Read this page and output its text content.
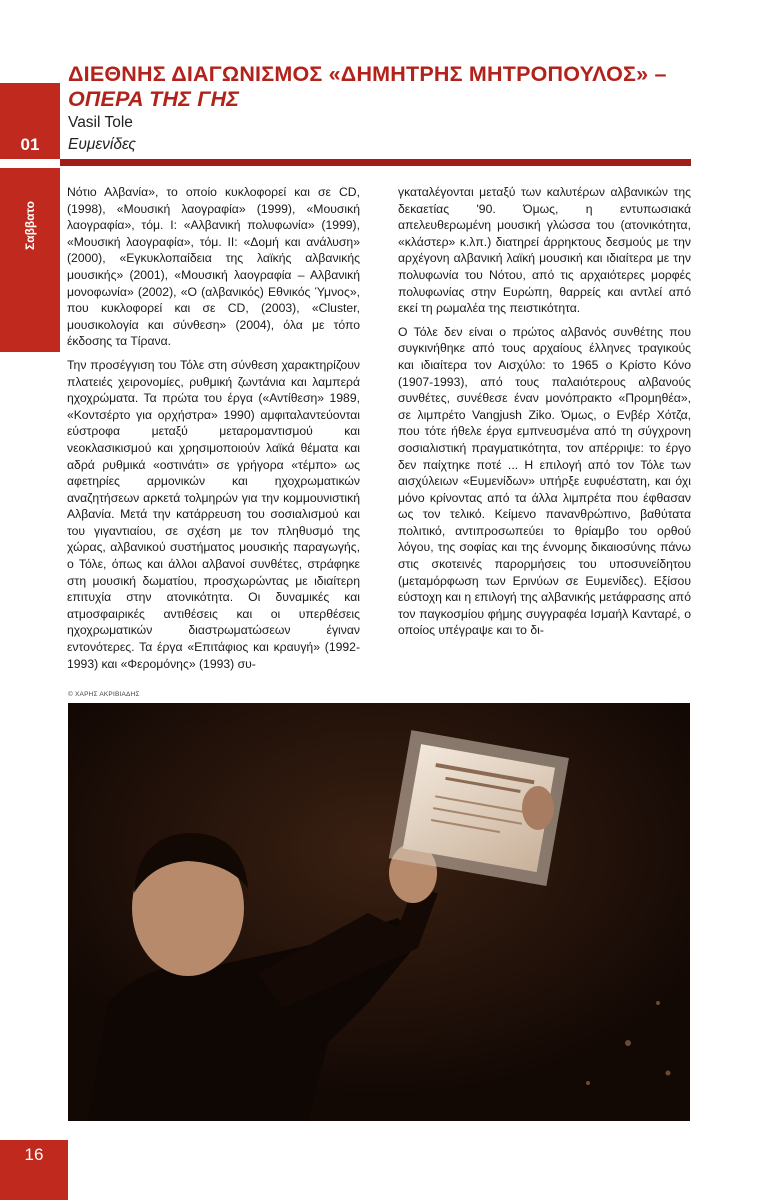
01
Σαββατο
ΔΙΕΘΝΗΣ ΔΙΑΓΩΝΙΣΜΟΣ «ΔΗΜΗΤΡΗΣ ΜΗΤΡΟΠΟΥΛΟΣ» –
ΟΠΕΡΑ ΤΗΣ ΓΗΣ
Vasil Tole
Ευμενίδες

Νότιο Αλβανία», το οποίο κυκλοφορεί και σε CD, (1998), «Μουσική λαογραφία» (1999), «Μουσική λαογραφία», τόμ. Ι: «Αλβανική πολυφωνία» (1999), «Μουσική λαογραφία», τόμ. ΙΙ: «Δομή και ανάλυση» (2000), «Εγκυκλοπαίδεια της λαϊκής αλβανικής μουσικής» (2001), «Μουσική λαογραφία – Αλβανική μονοφωνία» (2002), «Ο (αλβανικός) Εθνικός Ύμνος», που κυκλοφορεί και σε CD, (2003), «Cluster, μουσικολογία και σύνθεση» (2004), όλα με τόπο έκδοσης τα Τίρανα.

Την προσέγγιση του Τόλε στη σύνθεση χαρακτηρίζουν πλατειές χειρονομίες, ρυθμική ζωντάνια και λαμπερά ηχοχρώματα. Τα πρώτα του έργα («Αντίθεση» 1989, «Κοντσέρτο για ορχήστρα» 1990) αμφιταλαντεύονται εύστροφα μεταξύ μεταρομαντισμού και νεοκλασικισμού και χρησιμοποιούν λαϊκά θέματα και αδρά ρυθμικά «οστινάτι» σε γρήγορα «τέμπο» ως αφετηρίες αρμονικών και ηχοχρωματικών αναζητήσεων αρκετά τολμηρών για την κομμουνιστική Αλβανία. Μετά την κατάρρευση του σοσιαλισμού και του γιγαντιαίου, σε σχέση με τον πληθυσμό της χώρας, αλβανικού συστήματος μουσικής παραγωγής, ο Τόλε, όπως και άλλοι αλβανοί συνθέτες, στράφηκε στη μουσική δωματίου, προσχωρώντας με ιδιαίτερη επιτυχία στην ατονικότητα. Οι δυναμικές και ατμοσφαιρικές αντιθέσεις και οι υπερθέσεις ηχοχρωματικών διαστρωματώσεων έγιναν εντονότερες. Τα έργα «Επιτάφιος και κραυγή» (1992-1993) και «Φερομόνης» (1993) συ-

γκαταλέγονται μεταξύ των καλυτέρων αλβανικών της δεκαετίας '90. Όμως, η εντυπωσιακά απελευθερωμένη μουσική γλώσσα του (ατονικότητα, «κλάστερ» κ.λπ.) διατηρεί άρρηκτους δεσμούς με την αρχέγονη αλβανική λαϊκή μουσική και ιδιαίτερα με την πολυφωνία του Νότου, από τις αρχαιότερες μορφές πολυφωνίας στην Ευρώπη, θαρρείς και αντλεί από εκεί τη ρωμαλέα της πειστικότητα.

Ο Τόλε δεν είναι ο πρώτος αλβανός συνθέτης που συγκινήθηκε από τους αρχαίους έλληνες τραγικούς και ιδιαίτερα τον Αισχύλο: το 1965 ο Κρίστο Κόνο (1907-1993), από τους παλαιότερους αλβανούς συνθέτες, συνέθεσε έναν μονόπρακτο «Προμηθέα», σε λιμπρέτο Vangjush Ziko. Όμως, ο Ενβέρ Χότζα, που τότε ήθελε έργα εμπνευσμένα από τη σύγχρονη σοσιαλιστική πραγματικότητα, τον απέρριψε: το έργο δεν παίχτηκε ποτέ ... Η επιλογή από τον Τόλε των αισχύλειων «Ευμενίδων» υπήρξε ευφυέστατη, και όχι μόνο κρίνοντας από τα άλλα λιμπρέτα που έφθασαν ως τον τελικό. Κείμενο πανανθρώπινο, βαθύτατα πολιτικό, αντιπροσωπεύει το θρίαμβο του ορθού λόγου, της σοφίας και της έννομης δικαιοσύνης πάνω στις σκοτεινές παρορμήσεις του υποσυνείδητου (μεταμόρφωση των Ερινύων σε Ευμενίδες). Εξίσου εύστοχη και η επιλογή της αλβανικής μετάφρασης από τον παγκοσμίου φήμης συγγραφέα Ισμαήλ Κανταρέ, ο οποίος υπέγραψε και το δι-

© ΧΑΡΗΣ ΑΚΡΙΒΙΑΔΗΣ
16
